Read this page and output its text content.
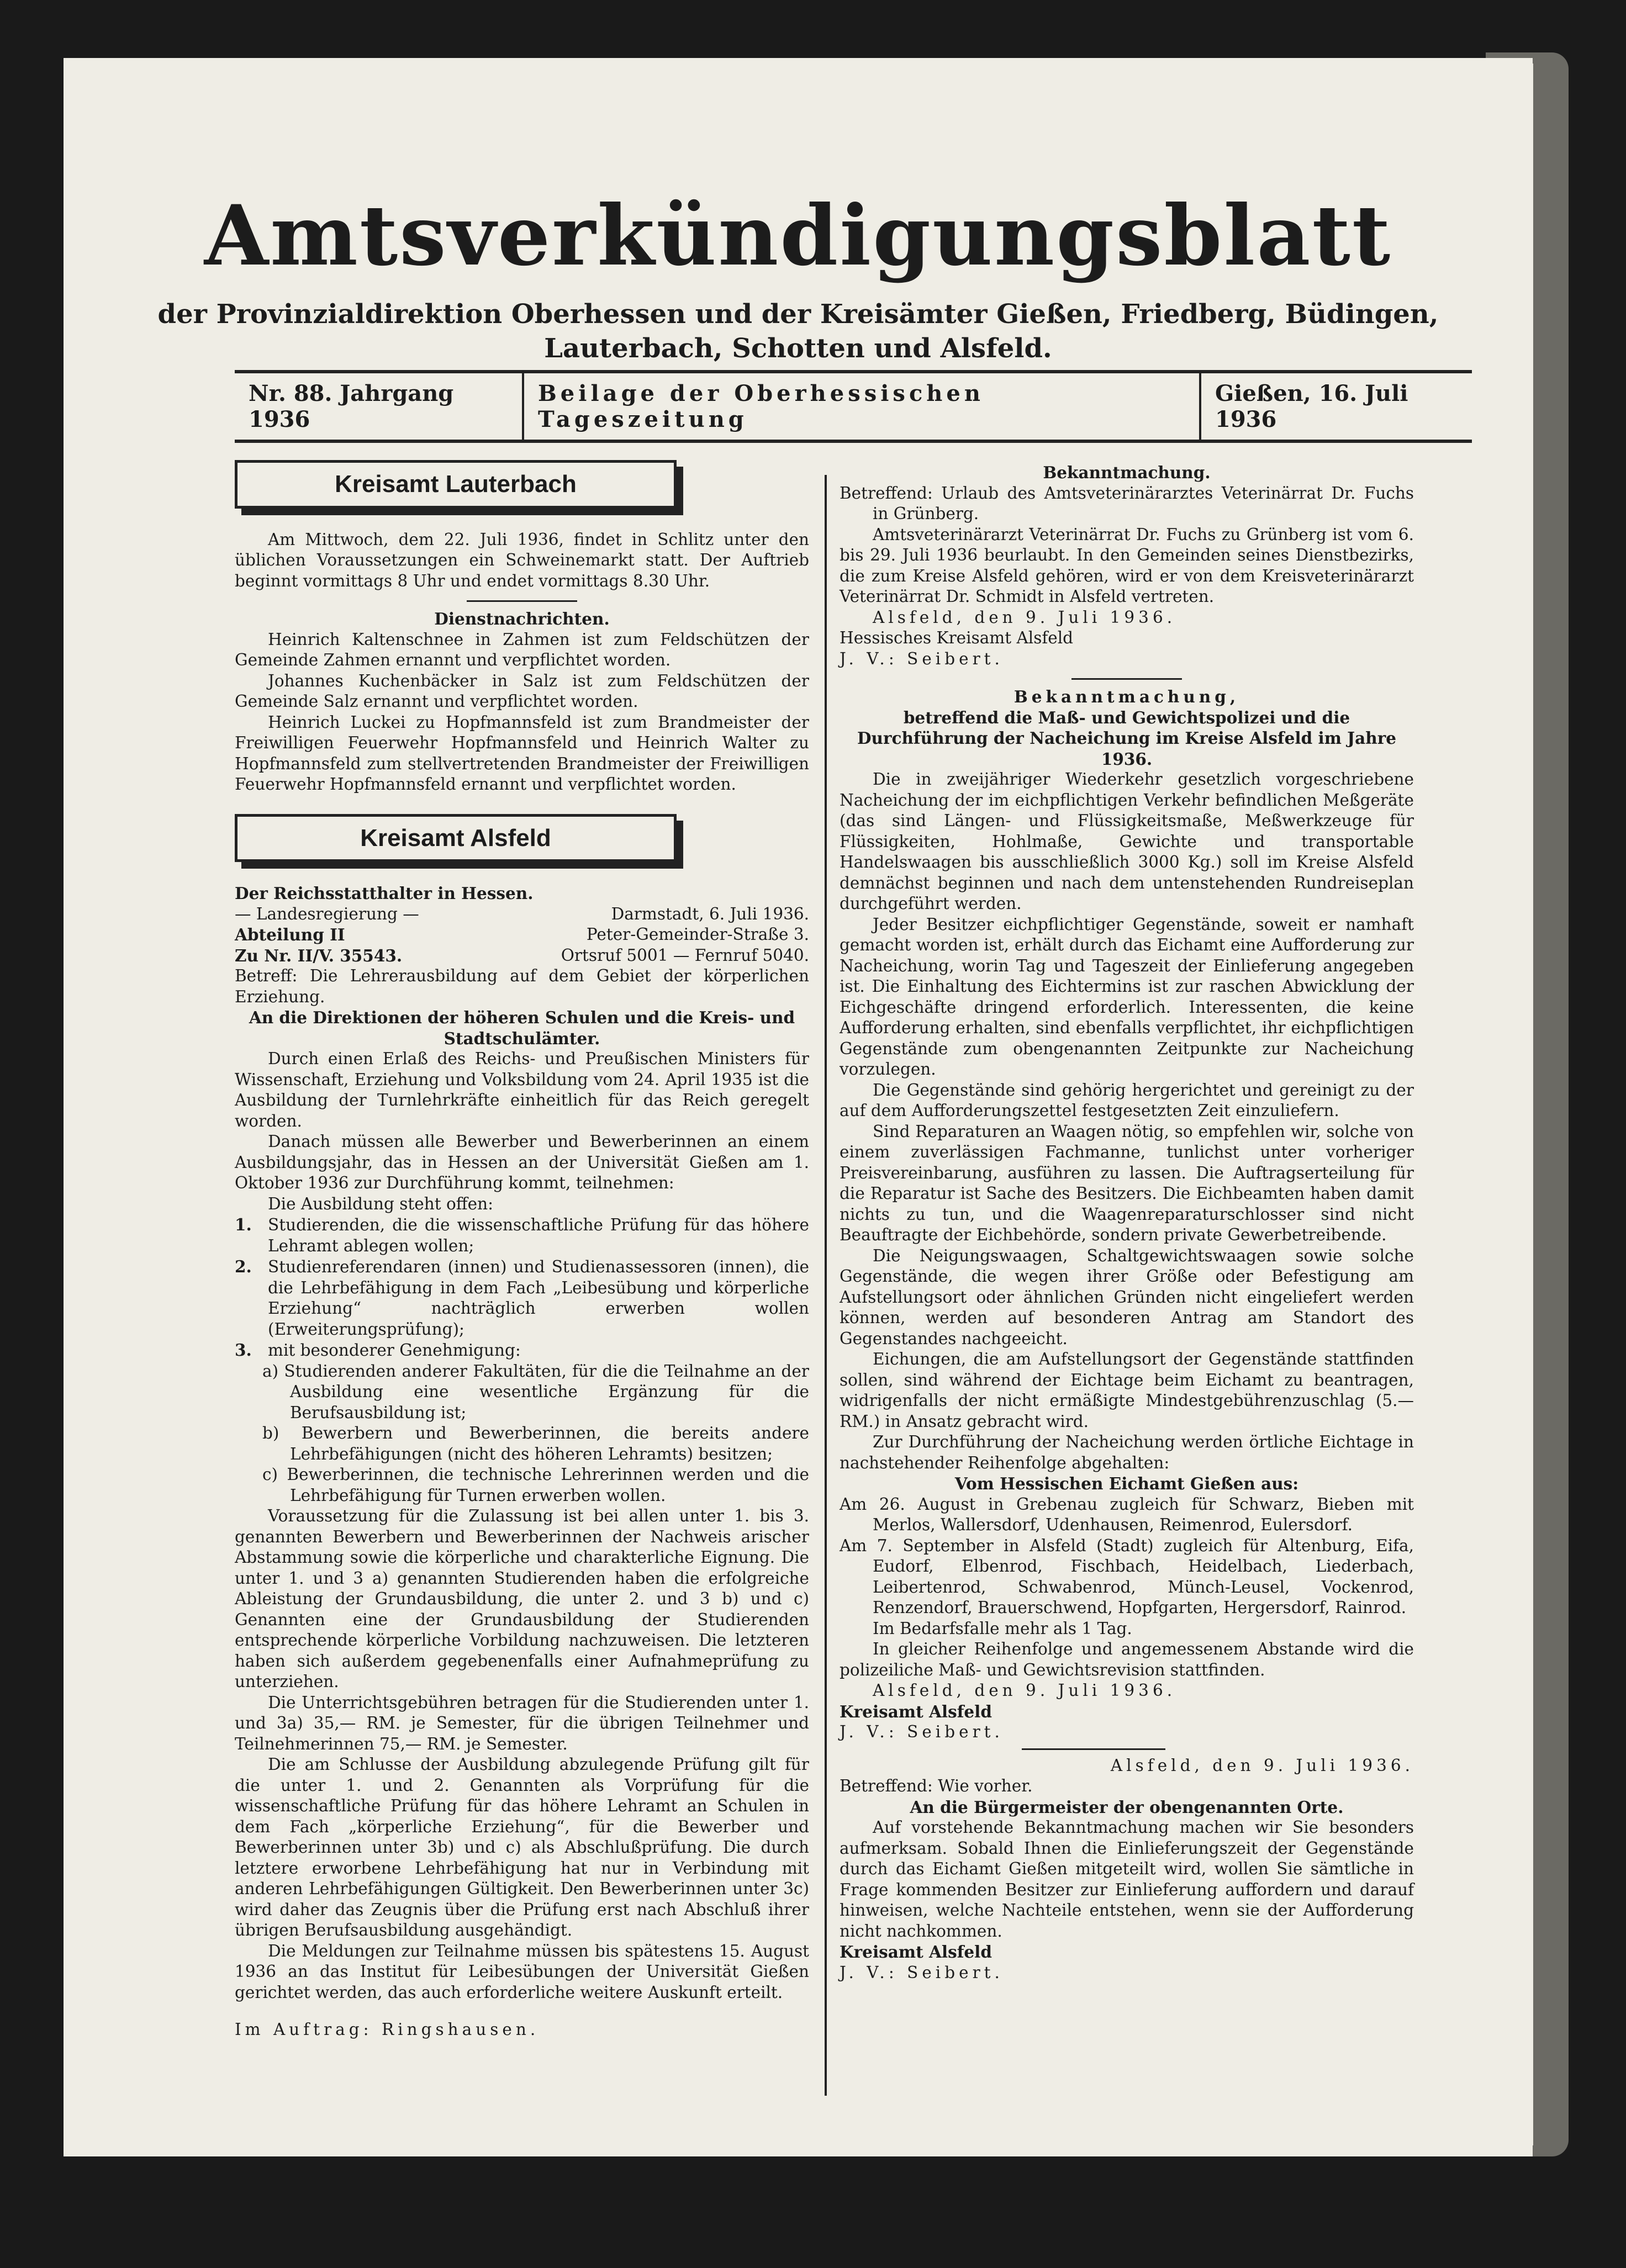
Amtsverkündigungsblatt
der Provinzialdirektion Oberhessen und der Kreisämter Gießen, Friedberg, Büdingen,
Lauterbach, Schotten und Alsfeld.
Nr. 88. Jahrgang 1936
Beilage der Oberhessischen Tageszeitung
Gießen, 16. Juli 1936
Kreisamt Lauterbach

Am Mittwoch, dem 22. Juli 1936, findet in Schlitz unter den üblichen Voraussetzungen ein Schweinemarkt statt. Der Auftrieb beginnt vormittags 8 Uhr und endet vormittags 8.30 Uhr.

Dienstnachrichten.

Heinrich Kaltenschnee in Zahmen ist zum Feldschützen der Gemeinde Zahmen ernannt und verpflichtet worden.

Johannes Kuchenbäcker in Salz ist zum Feldschützen der Gemeinde Salz ernannt und verpflichtet worden.

Heinrich Luckei zu Hopfmannsfeld ist zum Brandmeister der Freiwilligen Feuerwehr Hopfmannsfeld und Heinrich Walter zu Hopfmannsfeld zum stellvertretenden Brandmeister der Freiwilligen Feuerwehr Hopfmannsfeld ernannt und verpflichtet worden.

Kreisamt Alsfeld

Der Reichsstatthalter in Hessen.

— Landesregierung —	Darmstadt, 6. Juli 1936.
Abteilung II	Peter-Gemeinder-Straße 3.
Zu Nr. II/V. 35543.	Ortsruf 5001 — Fernruf 5040.

Betreff: Die Lehrerausbildung auf dem Gebiet der körperlichen Erziehung.

An die Direktionen der höheren Schulen und die Kreis- und Stadtschulämter.

Durch einen Erlaß des Reichs- und Preußischen Ministers für Wissenschaft, Erziehung und Volksbildung vom 24. April 1935 ist die Ausbildung der Turnlehrkräfte einheitlich für das Reich geregelt worden.

Danach müssen alle Bewerber und Bewerberinnen an einem Ausbildungsjahr, das in Hessen an der Universität Gießen am 1. Oktober 1936 zur Durchführung kommt, teilnehmen:

Die Ausbildung steht offen:

1. Studierenden, die die wissenschaftliche Prüfung für das höhere Lehramt ablegen wollen;

2. Studienreferendaren (innen) und Studienassessoren (innen), die die Lehrbefähigung in dem Fach „Leibesübung und körperliche Erziehung“ nachträglich erwerben wollen (Erweiterungsprüfung);

3. mit besonderer Genehmigung:

a) Studierenden anderer Fakultäten, für die die Teilnahme an der Ausbildung eine wesentliche Ergänzung für die Berufsausbildung ist;

b) Bewerbern und Bewerberinnen, die bereits andere Lehrbefähigungen (nicht des höheren Lehramts) besitzen;

c) Bewerberinnen, die technische Lehrerinnen werden und die Lehrbefähigung für Turnen erwerben wollen.

Voraussetzung für die Zulassung ist bei allen unter 1. bis 3. genannten Bewerbern und Bewerberinnen der Nachweis arischer Abstammung sowie die körperliche und charakterliche Eignung. Die unter 1. und 3 a) genannten Studierenden haben die erfolgreiche Ableistung der Grundausbildung, die unter 2. und 3 b) und c) Genannten eine der Grundausbildung der Studierenden entsprechende körperliche Vorbildung nachzuweisen. Die letzteren haben sich außerdem gegebenenfalls einer Aufnahmeprüfung zu unterziehen.

Die Unterrichtsgebühren betragen für die Studierenden unter 1. und 3a) 35,— RM. je Semester, für die übrigen Teilnehmer und Teilnehmerinnen 75,— RM. je Semester.

Die am Schlusse der Ausbildung abzulegende Prüfung gilt für die unter 1. und 2. Genannten als Vorprüfung für die wissenschaftliche Prüfung für das höhere Lehramt an Schulen in dem Fach „körperliche Erziehung“, für die Bewerber und Bewerberinnen unter 3b) und c) als Abschlußprüfung. Die durch letztere erworbene Lehrbefähigung hat nur in Verbindung mit anderen Lehrbefähigungen Gültigkeit. Den Bewerberinnen unter 3c) wird daher das Zeugnis über die Prüfung erst nach Abschluß ihrer übrigen Berufsausbildung ausgehändigt.

Die Meldungen zur Teilnahme müssen bis spätestens 15. August 1936 an das Institut für Leibesübungen der Universität Gießen gerichtet werden, das auch erforderliche weitere Auskunft erteilt.

Im Auftrag: Ringshausen.

Bekanntmachung.

Betreffend: Urlaub des Amtsveterinärarztes Veterinärrat Dr. Fuchs in Grünberg.

Amtsveterinärarzt Veterinärrat Dr. Fuchs zu Grünberg ist vom 6. bis 29. Juli 1936 beurlaubt. In den Gemeinden seines Dienstbezirks, die zum Kreise Alsfeld gehören, wird er von dem Kreisveterinärarzt Veterinärrat Dr. Schmidt in Alsfeld vertreten.

Alsfeld, den 9. Juli 1936.

Hessisches Kreisamt Alsfeld

J. V.: Seibert.

Bekanntmachung,

betreffend die Maß- und Gewichtspolizei und die Durchführung der Nacheichung im Kreise Alsfeld im Jahre 1936.

Die in zweijähriger Wiederkehr gesetzlich vorgeschriebene Nacheichung der im eichpflichtigen Verkehr befindlichen Meßgeräte (das sind Längen- und Flüssigkeitsmaße, Meßwerkzeuge für Flüssigkeiten, Hohlmaße, Gewichte und transportable Handelswaagen bis ausschließlich 3000 Kg.) soll im Kreise Alsfeld demnächst beginnen und nach dem untenstehenden Rundreiseplan durchgeführt werden.

Jeder Besitzer eichpflichtiger Gegenstände, soweit er namhaft gemacht worden ist, erhält durch das Eichamt eine Aufforderung zur Nacheichung, worin Tag und Tageszeit der Einlieferung angegeben ist. Die Einhaltung des Eichtermins ist zur raschen Abwicklung der Eichgeschäfte dringend erforderlich. Interessenten, die keine Aufforderung erhalten, sind ebenfalls verpflichtet, ihr eichpflichtigen Gegenstände zum obengenannten Zeitpunkte zur Nacheichung vorzulegen.

Die Gegenstände sind gehörig hergerichtet und gereinigt zu der auf dem Aufforderungszettel festgesetzten Zeit einzuliefern.

Sind Reparaturen an Waagen nötig, so empfehlen wir, solche von einem zuverlässigen Fachmanne, tunlichst unter vorheriger Preisvereinbarung, ausführen zu lassen. Die Auftragserteilung für die Reparatur ist Sache des Besitzers. Die Eichbeamten haben damit nichts zu tun, und die Waagenreparaturschlosser sind nicht Beauftragte der Eichbehörde, sondern private Gewerbetreibende.

Die Neigungswaagen, Schaltgewichtswaagen sowie solche Gegenstände, die wegen ihrer Größe oder Befestigung am Aufstellungsort oder ähnlichen Gründen nicht eingeliefert werden können, werden auf besonderen Antrag am Standort des Gegenstandes nachgeeicht.

Eichungen, die am Aufstellungsort der Gegenstände stattfinden sollen, sind während der Eichtage beim Eichamt zu beantragen, widrigenfalls der nicht ermäßigte Mindestgebührenzuschlag (5.— RM.) in Ansatz gebracht wird.

Zur Durchführung der Nacheichung werden örtliche Eichtage in nachstehender Reihenfolge abgehalten:

Vom Hessischen Eichamt Gießen aus:

Am 26. August in Grebenau zugleich für Schwarz, Bieben mit Merlos, Wallersdorf, Udenhausen, Reimenrod, Eulersdorf.

Am 7. September in Alsfeld (Stadt) zugleich für Altenburg, Eifa, Eudorf, Elbenrod, Fischbach, Heidelbach, Liederbach, Leibertenrod, Schwabenrod, Münch-Leusel, Vockenrod, Renzendorf, Brauerschwend, Hopfgarten, Hergersdorf, Rainrod.

Im Bedarfsfalle mehr als 1 Tag.

In gleicher Reihenfolge und angemessenem Abstande wird die polizeiliche Maß- und Gewichtsrevision stattfinden.

Alsfeld, den 9. Juli 1936.

Kreisamt Alsfeld

J. V.: Seibert.

Alsfeld, den 9. Juli 1936.

Betreffend: Wie vorher.

An die Bürgermeister der obengenannten Orte.

Auf vorstehende Bekanntmachung machen wir Sie besonders aufmerksam. Sobald Ihnen die Einlieferungszeit der Gegenstände durch das Eichamt Gießen mitgeteilt wird, wollen Sie sämtliche in Frage kommenden Besitzer zur Einlieferung auffordern und darauf hinweisen, welche Nachteile entstehen, wenn sie der Aufforderung nicht nachkommen.

Kreisamt Alsfeld

J. V.: Seibert.
